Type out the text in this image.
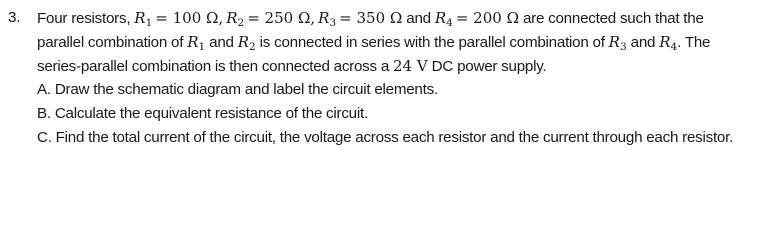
3. Four resistors, $R_1 = 100$ Ω, $R_2 = 250$ Ω, $R_3 = 350$ Ω and $R_4 = 200$ Ω are connected such that the
parallel combination of $R_1$ and $R_2$ is connected in series with the parallel combination of $R_3$ and $R_4$. The
series-parallel combination is then connected across a 24 V DC power supply.
A. Draw the schematic diagram and label the circuit elements.
B. Calculate the equivalent resistance of the circuit.
C. Find the total current of the circuit, the voltage across each resistor and the current through each resistor.
